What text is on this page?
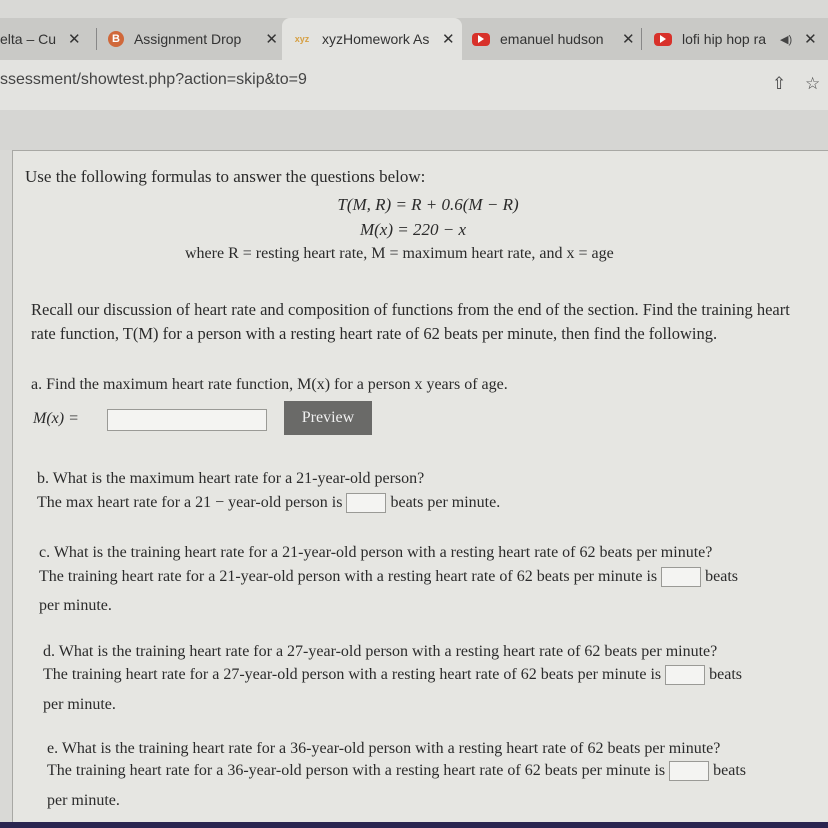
elta – Cu ✕	B Assignment Drop	✕	xyz xyzHomework As ✕	emanuel hudson	✕	lofi hip hop ra	◀) ✕
ssessment/showtest.php?action=skip&to=9	⇧ ☆
Use the following formulas to answer the questions below:
T(M, R) = R + 0.6(M − R)
M(x) = 220 − x
where R = resting heart rate, M = maximum heart rate, and x = age
Recall our discussion of heart rate and composition of functions from the end of the section. Find the training heart rate function, T(M) for a person with a resting heart rate of 62 beats per minute, then find the following.
a. Find the maximum heart rate function, M(x) for a person x years of age.
M(x) =	Preview
b. What is the maximum heart rate for a 21-year-old person?
The max heart rate for a 21 − year-old person is	beats per minute.
c. What is the training heart rate for a 21-year-old person with a resting heart rate of 62 beats per minute?
The training heart rate for a 21-year-old person with a resting heart rate of 62 beats per minute is	beats
per minute.
d. What is the training heart rate for a 27-year-old person with a resting heart rate of 62 beats per minute?
The training heart rate for a 27-year-old person with a resting heart rate of 62 beats per minute is	beats
per minute.
e. What is the training heart rate for a 36-year-old person with a resting heart rate of 62 beats per minute?
The training heart rate for a 36-year-old person with a resting heart rate of 62 beats per minute is	beats
per minute.
